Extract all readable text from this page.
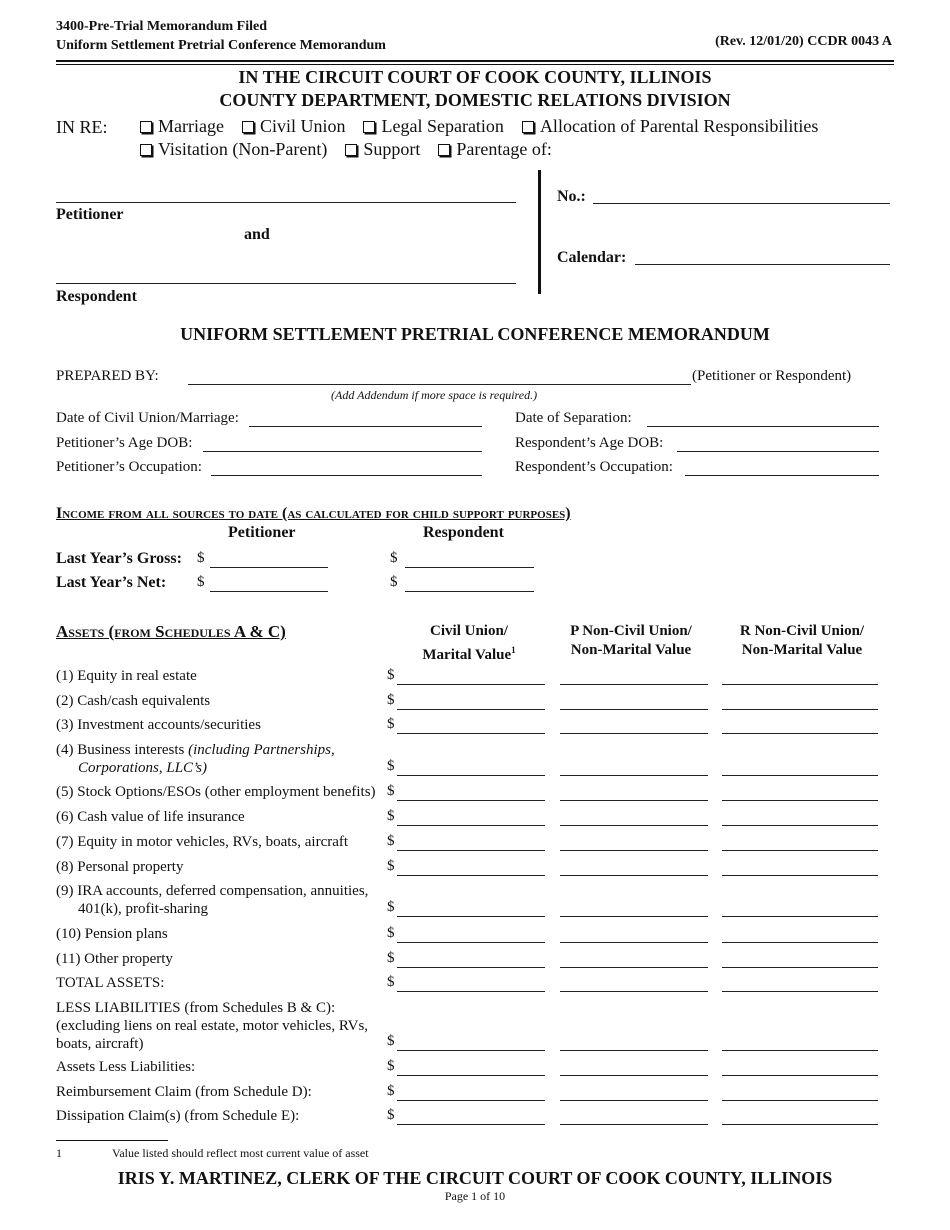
3400-Pre-Trial Memorandum Filed
Uniform Settlement Pretrial Conference Memorandum	(Rev. 12/01/20) CCDR 0043 A
IN THE CIRCUIT COURT OF COOK COUNTY, ILLINOIS
COUNTY DEPARTMENT, DOMESTIC RELATIONS DIVISION
IN RE:	Marriage Civil Union Legal Separation Allocation of Parental Responsibilities
Visitation (Non-Parent) Support Parentage of:
Petitioner
and
Respondent
No.:
Calendar:
UNIFORM SETTLEMENT PRETRIAL CONFERENCE MEMORANDUM
PREPARED BY:	(Petitioner or Respondent)
(Add Addendum if more space is required.)
Date of Civil Union/Marriage:	Date of Separation:
Petitioner’s Age DOB:	Respondent’s Age DOB:
Petitioner’s Occupation:	Respondent’s Occupation:
Income from all sources to date (as calculated for child support purposes)
Petitioner	Respondent
Last Year’s Gross: $	$
Last Year’s Net: $	$
Assets (from Schedules A & C)	Civil Union/
Marital Value$^1$
P Non-Civil Union/
Non-Marital Value
R Non-Civil Union/
Non-Marital Value
(1) Equity in real estate	$
(2) Cash/cash equivalents	$
(3) Investment accounts/securities	$
(4) Business interests (including Partnerships,
Corporations, LLC’s)	$
(5) Stock Options/ESOs (other employment benefits) $
(6) Cash value of life insurance	$
(7) Equity in motor vehicles, RVs, boats, aircraft	$
(8) Personal property	$
(9) IRA accounts, deferred compensation, annuities,
401(k), profit-sharing	$
(10) Pension plans	$
(11) Other property	$
TOTAL ASSETS:	$
LESS LIABILITIES (from Schedules B & C):
(excluding liens on real estate, motor vehicles, RVs,
boats, aircraft)	$
Assets Less Liabilities:	$
Reimbursement Claim (from Schedule D):	$
Dissipation Claim(s) (from Schedule E):	$
1	Value listed should reflect most current value of asset
IRIS Y. MARTINEZ, CLERK OF THE CIRCUIT COURT OF COOK COUNTY, ILLINOIS
Page 1 of 10
